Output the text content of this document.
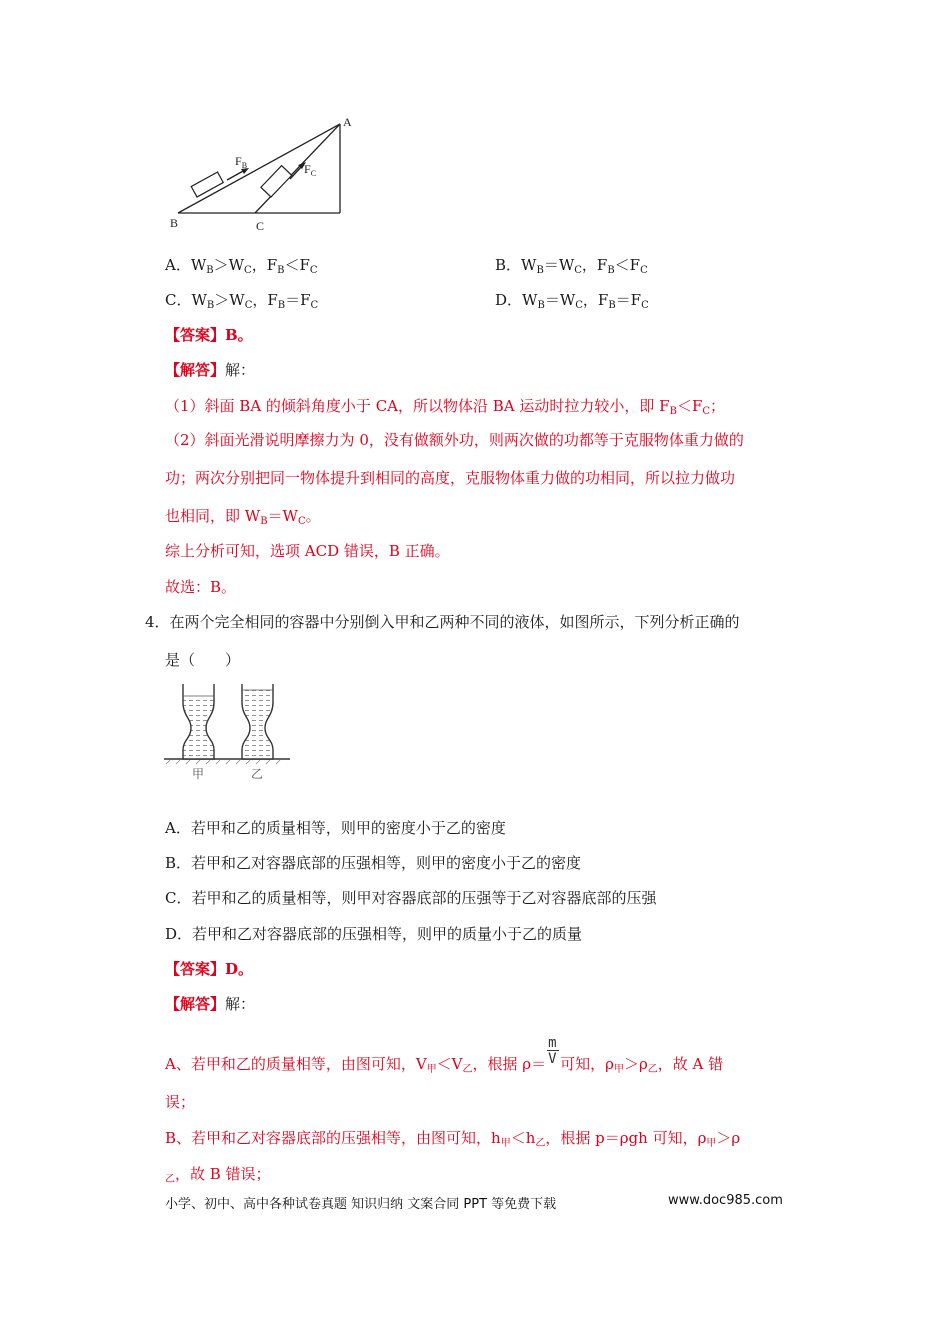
A
B	C
$F_B$	$F_C$
A．$W_B>W_C$，$F_B<F_C$	B．$W_B=W_C$，$F_B<F_C$
C．$W_B>W_C$，$F_B=F_C$	D．$W_B=W_C$，$F_B=F_C$
【答案】B。
【解答】解：
（1）斜面 BA 的倾斜角度小于 CA，所以物体沿 BA 运动时拉力较小，即 $F_B<F_C$；
（2）斜面光滑说明摩擦力为 0，没有做额外功，则两次做的功都等于克服物体重力做的
功；两次分别把同一物体提升到相同的高度，克服物体重力做的功相同，所以拉力做功
也相同，即 $W_B=W_C$。
综上分析可知，选项 ACD 错误，B 正确。
故选：B。
4．在两个完全相同的容器中分别倒入甲和乙两种不同的液体，如图所示，下列分析正确的
是（　　）
甲	乙
A．若甲和乙的质量相等，则甲的密度小于乙的密度
B．若甲和乙对容器底部的压强相等，则甲的密度小于乙的密度
C．若甲和乙的质量相等，则甲对容器底部的压强等于乙对容器底部的压强
D．若甲和乙对容器底部的压强相等，则甲的质量小于乙的质量
【答案】D。
【解答】解：
A、若甲和乙的质量相等，由图可知，$V_甲<V_乙$，根据 $\rho= \frac{m}{V}$ 可知，$\rho_甲>\rho_乙$，故 A 错
误；
B、若甲和乙对容器底部的压强相等，由图可知，$h_甲<h_乙$，根据 p＝ρgh 可知，$\rho_甲>\rho$
$_乙$，故 B 错误；
小学、初中、高中各种试卷真题 知识归纳 文案合同 PPT 等免费下载	www.doc985.com
